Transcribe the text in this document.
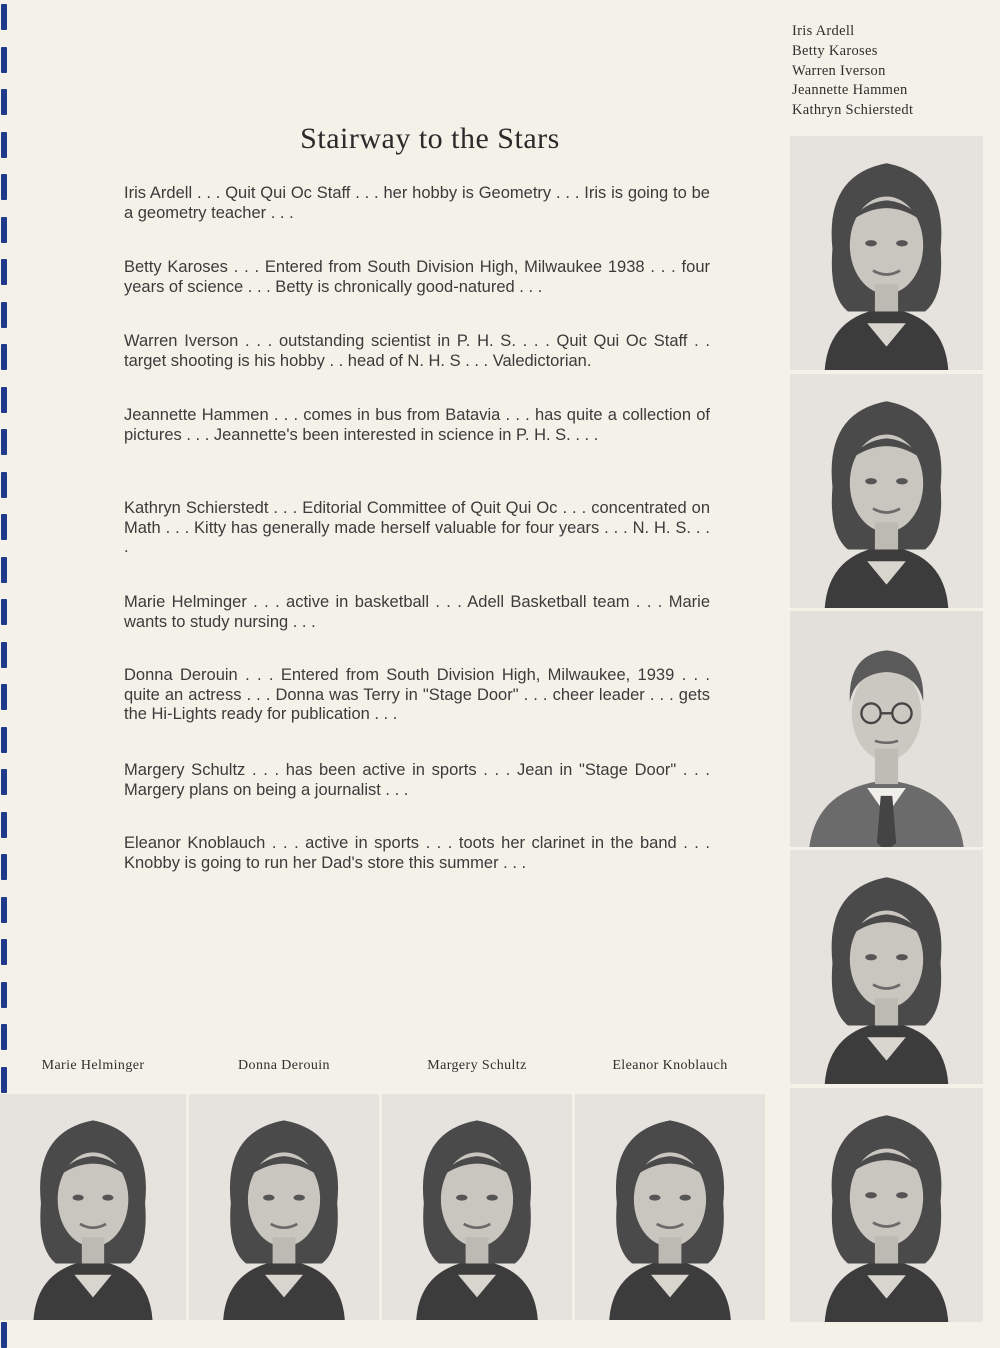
Iris Ardell
Betty Karoses
Warren Iverson
Jeannette Hammen
Kathryn Schierstedt
Stairway to the Stars
Iris Ardell . . . Quit Qui Oc Staff . . . her hobby is Geometry . . . Iris is going to be a geometry teacher . . .
Betty Karoses . . . Entered from South Division High, Milwaukee 1938 . . . four years of science . . . Betty is chronically good-natured . . .
Warren Iverson . . . outstanding scientist in P. H. S. . . . Quit Qui Oc Staff . . target shooting is his hobby . . head of N. H. S . . . Valedictorian.
Jeannette Hammen . . . comes in bus from Batavia . . . has quite a collection of pictures . . . Jeannette's been interested in science in P. H. S. . . .
Kathryn Schierstedt . . . Editorial Committee of Quit Qui Oc . . . concentrated on Math . . . Kitty has generally made herself valuable for four years . . . N. H. S. . . .
Marie Helminger . . . active in basketball . . . Adell Basketball team . . . Marie wants to study nursing . . .
Donna Derouin . . . Entered from South Division High, Milwaukee, 1939 . . . quite an actress . . . Donna was Terry in "Stage Door" . . . cheer leader . . . gets the Hi-Lights ready for publication . . .
Margery Schultz . . . has been active in sports . . . Jean in "Stage Door" . . . Margery plans on being a journalist . . .
Eleanor Knoblauch . . . active in sports . . . toots her clarinet in the band . . . Knobby is going to run her Dad's store this summer . . .
Marie Helminger	Donna Derouin	Margery Schultz	Eleanor Knoblauch
